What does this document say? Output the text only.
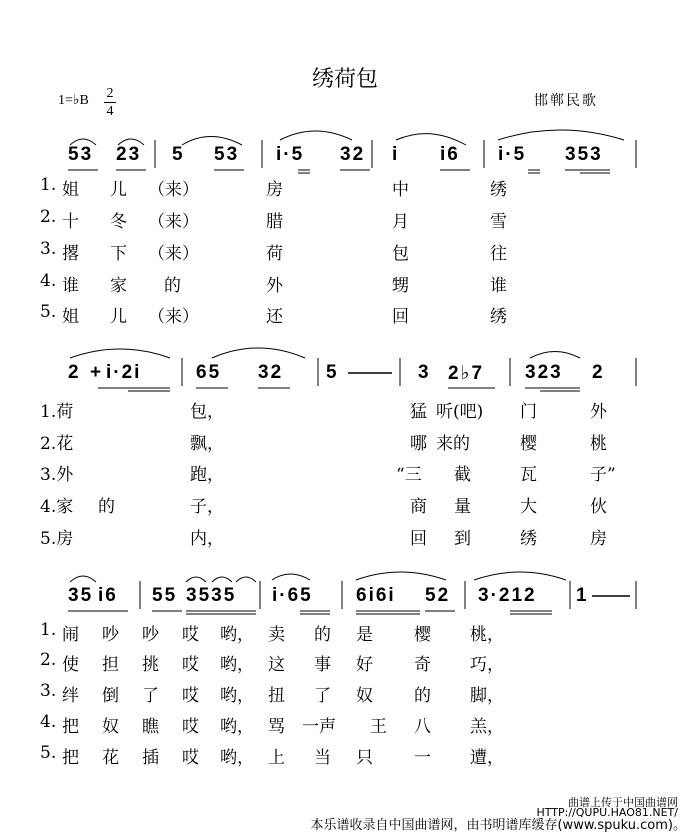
绣荷包
1=♭B 2
4
邯郸民歌
53 23 5 53 i·5 32 i i6 i·5 353
1. 姐 儿 （来）	房	中	绣
2. 十 冬 （来）	腊	月	雪
3. 撂 下 （来）	荷	包	往
4. 谁 家 的	外	甥	谁
5. 姐 儿 （来）	还	回	绣
2 + i·2i	65 32 5	3 2♭7 323 2
1.荷	包，	猛 听(吧) 门	外
2.花	飘，	哪 来的	樱	桃
3.外	跑，	“三 截	瓦	子”
4.家 的	子，	商 量	大	伙
5.房	内，	回 到	绣	房
35 i6 55 3535 i·65 6i6i 52 3·212 1
1. 闹 吵 吵 哎 哟， 卖 的 是 樱 桃，
2. 使 担 挑 哎 哟， 这 事 好 奇 巧，
3. 绊 倒 了 哎 哟， 扭 了 奴 的 脚，
4. 把 奴 瞧 哎 哟， 骂 一声 王 八 羔，
5. 把 花 插 哎 哟， 上 当 只 一 遭，
曲谱上传于中国曲谱网
HTTP://QUPU.HAO81.NET/
本乐谱收录自中国曲谱网，由书明谱库缓存(www.spuku.com)。
